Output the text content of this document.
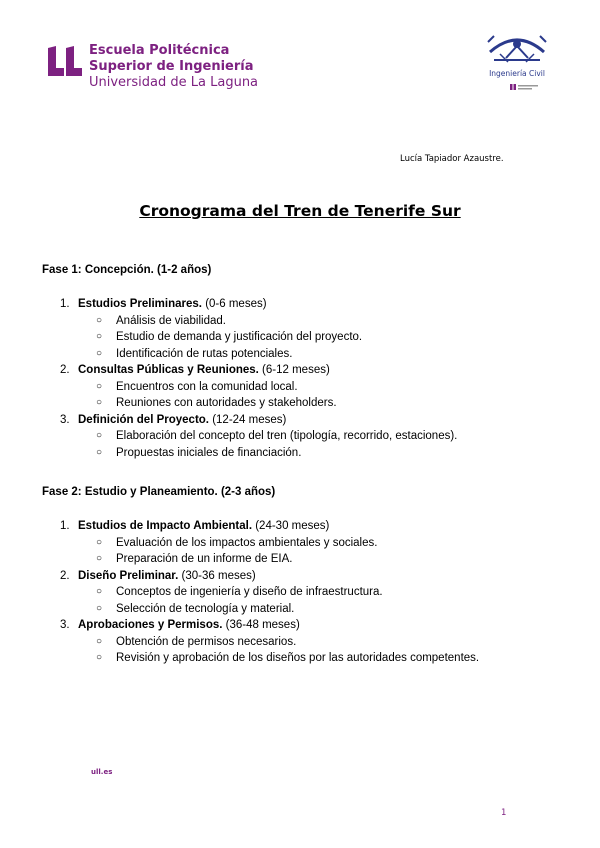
Escuela Politécnica
Superior de Ingeniería
Universidad de La Laguna
Ingeniería Civil
Lucía Tapiador Azaustre.
Cronograma del Tren de Tenerife Sur
Fase 1: Concepción. (1-2 años)
1. Estudios Preliminares. (0-6 meses)
○ Análisis de viabilidad.
○ Estudio de demanda y justificación del proyecto.
○ Identificación de rutas potenciales.
2. Consultas Públicas y Reuniones. (6-12 meses)
○ Encuentros con la comunidad local.
○ Reuniones con autoridades y stakeholders.
3. Definición del Proyecto. (12-24 meses)
○ Elaboración del concepto del tren (tipología, recorrido, estaciones).
○ Propuestas iniciales de financiación.
Fase 2: Estudio y Planeamiento. (2-3 años)
1. Estudios de Impacto Ambiental. (24-30 meses)
○ Evaluación de los impactos ambientales y sociales.
○ Preparación de un informe de EIA.
2. Diseño Preliminar. (30-36 meses)
○ Conceptos de ingeniería y diseño de infraestructura.
○ Selección de tecnología y material.
3. Aprobaciones y Permisos. (36-48 meses)
○ Obtención de permisos necesarios.
○ Revisión y aprobación de los diseños por las autoridades competentes.
ull.es
1
